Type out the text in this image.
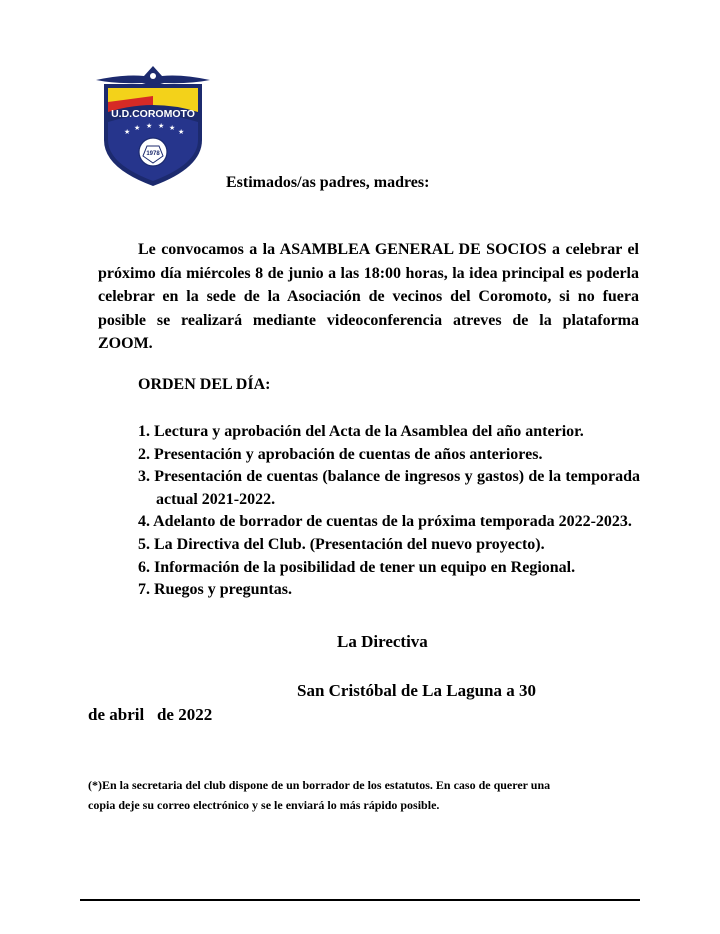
U.D.COROMOTO
★ ★ ★ ★ ★ ★
1978
Estimados/as padres, madres:

Le convocamos a la ASAMBLEA GENERAL DE SOCIOS a celebrar el próximo día miércoles 8 de junio a las 18:00 horas, la idea principal es poderla celebrar en la sede de la Asociación de vecinos del Coromoto, si no fuera posible se realizará mediante videoconferencia atreves de la plataforma ZOOM.

ORDEN DEL DÍA:
1. Lectura y aprobación del Acta de la Asamblea del año anterior.
2. Presentación y aprobación de cuentas de años anteriores.
3. Presentación de cuentas (balance de ingresos y gastos) de la temporada actual 2021-2022.
4. Adelanto de borrador de cuentas de la próxima temporada 2022-2023.
5. La Directiva del Club. (Presentación del nuevo proyecto).
6. Información de la posibilidad de tener un equipo en Regional.
7. Ruegos y preguntas.
La Directiva
San Cristóbal de La Laguna a 30
de abril   de 2022

(*)En la secretaria del club dispone de un borrador de los estatutos. En caso de querer una copia deje su correo electrónico y se le enviará lo más rápido posible.
